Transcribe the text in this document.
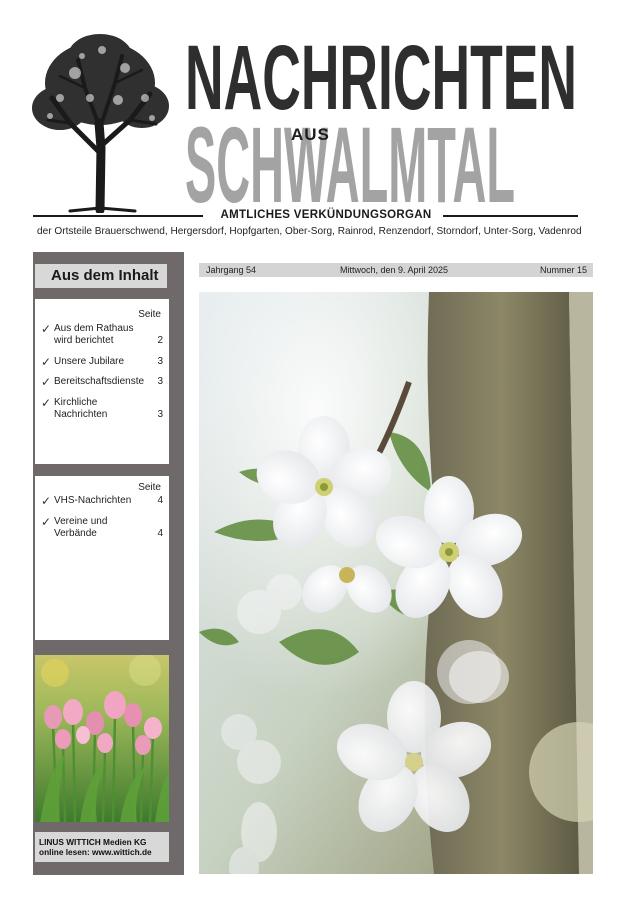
NACHRICHTEN
SCHWALMTAL
AUS
AMTLICHES VERKÜNDUNGSORGAN
der Ortsteile Brauerschwend, Hergersdorf, Hopfgarten, Ober-Sorg, Rainrod, Renzendorf, Storndorf, Unter-Sorg, Vadenrod
Aus dem Inhalt
Seite
✓ Aus dem Rathaus wird berichtet	2
✓ Unsere Jubilare	3
✓ Bereitschaftsdienste	3
✓ Kirchliche Nachrichten	3
Seite
✓ VHS-Nachrichten	4
✓ Vereine und Verbände	4
LINUS WITTICH Medien KG
online lesen: www.wittich.de
Jahrgang 54	Mittwoch, den 9. April 2025	Nummer 15
